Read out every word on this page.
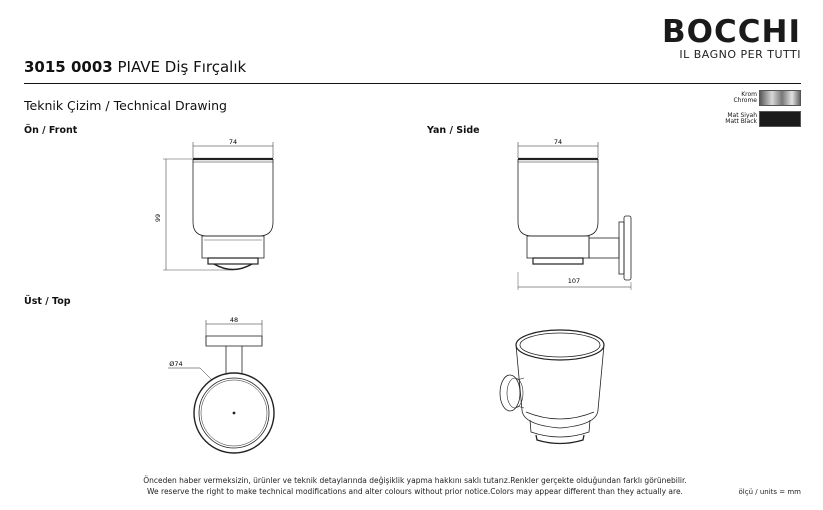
BOCCHI
IL BAGNO PER TUTTI
3015 0003 PIAVE Diş Fırçalık
Teknik Çizim / Technical Drawing
Krom
Chrome
Mat Siyah
Matt Black
Ön / Front	Yan / Side
Üst / Top
74
99
74
107
48
Ø74
Önceden haber vermeksizin, ürünler ve teknik detaylarında değişiklik yapma hakkını saklı tutarız.Renkler gerçekte olduğundan farklı görünebilir.
We reserve the right to make technical modifications and alter colours without prior notice.Colors may appear different than they actually are.	ölçü / units = mm
